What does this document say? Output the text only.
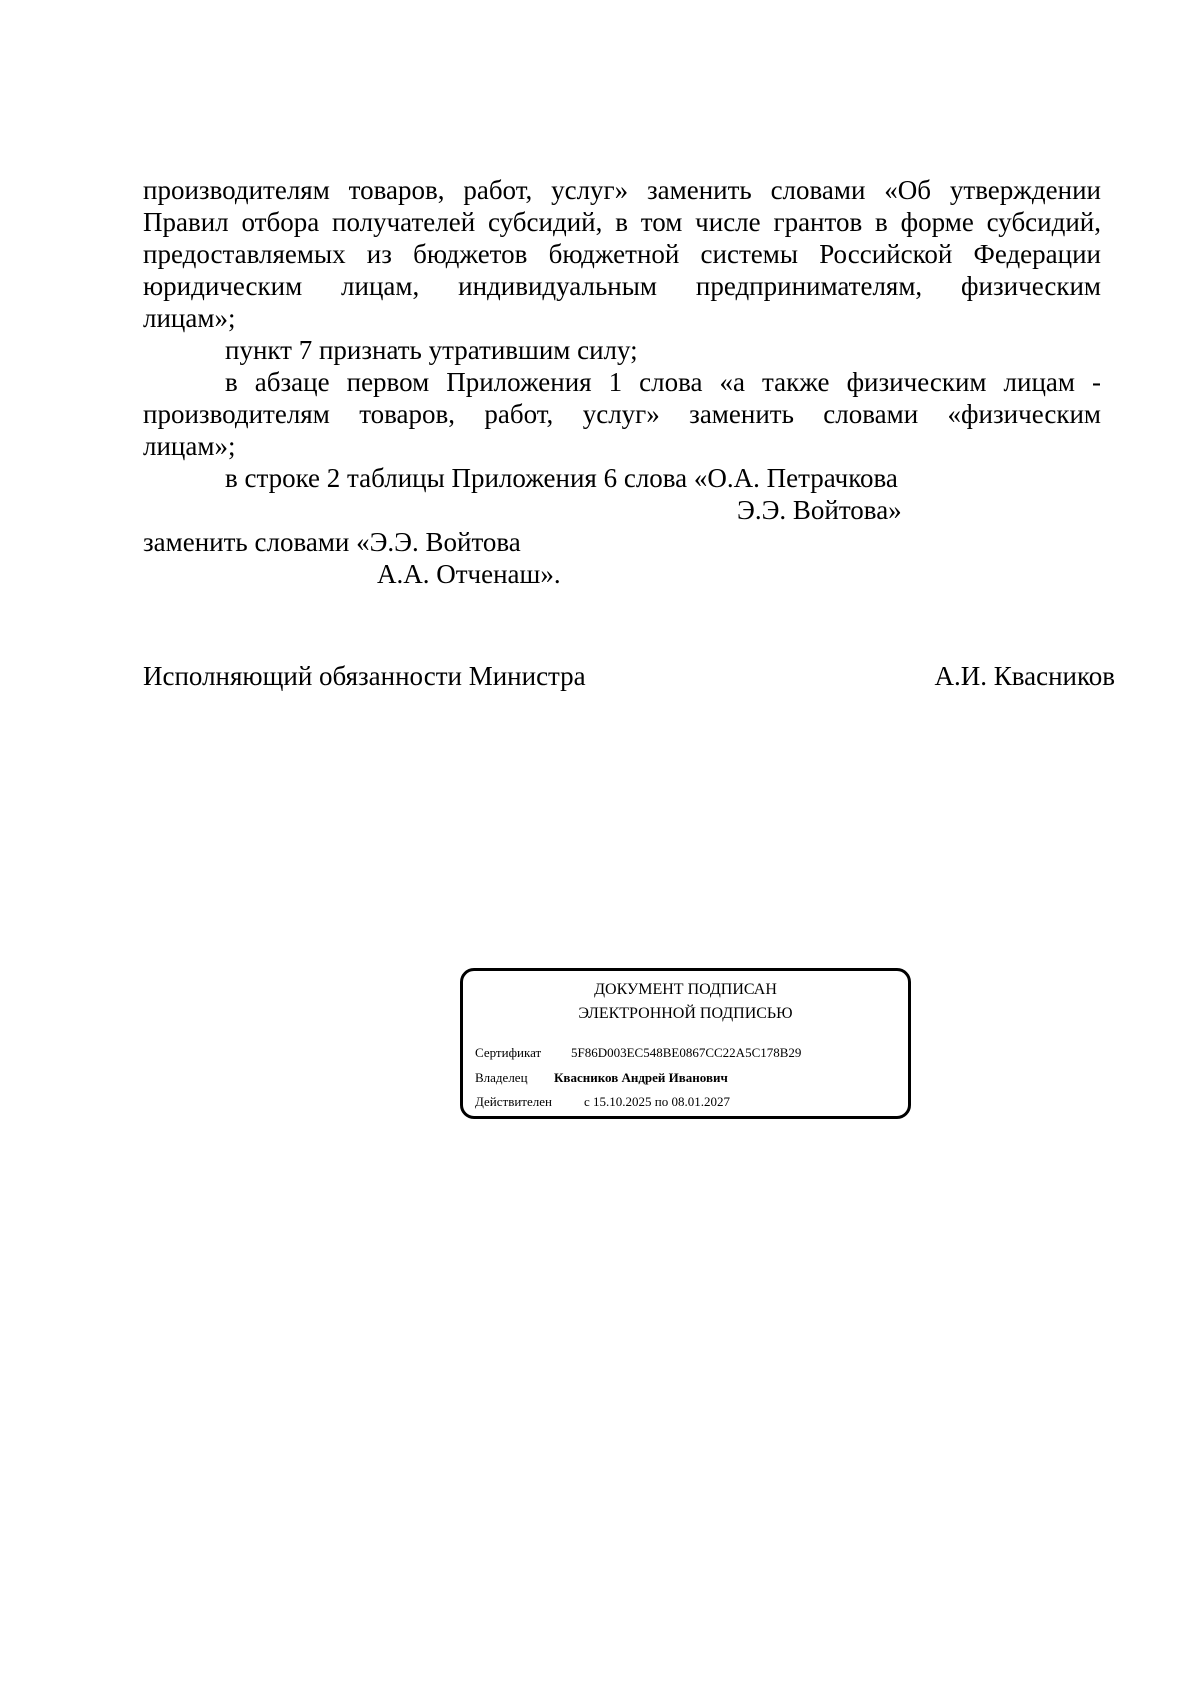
производителям товаров, работ, услуг» заменить словами «Об утверждении
Правил отбора получателей субсидий, в том числе грантов в форме субсидий,
предоставляемых из бюджетов бюджетной системы Российской Федерации
юридическим лицам, индивидуальным предпринимателям, физическим
лицам»;
пункт 7 признать утратившим силу;
в абзаце первом Приложения 1 слова «а также физическим лицам -
производителям товаров, работ, услуг» заменить словами «физическим
лицам»;
в строке 2 таблицы Приложения 6 слова «О.А. Петрачкова
Э.Э. Войтова»
заменить словами «Э.Э. Войтова
А.А. Отченаш».
Исполняющий обязанности Министра	А.И. Квасников
ДОКУМЕНТ ПОДПИСАН
ЭЛЕКТРОННОЙ ПОДПИСЬЮ
Сертификат 5F86D003EC548BE0867CC22A5C178B29
Владелец Квасников Андрей Иванович
Действителен с 15.10.2025 по 08.01.2027
